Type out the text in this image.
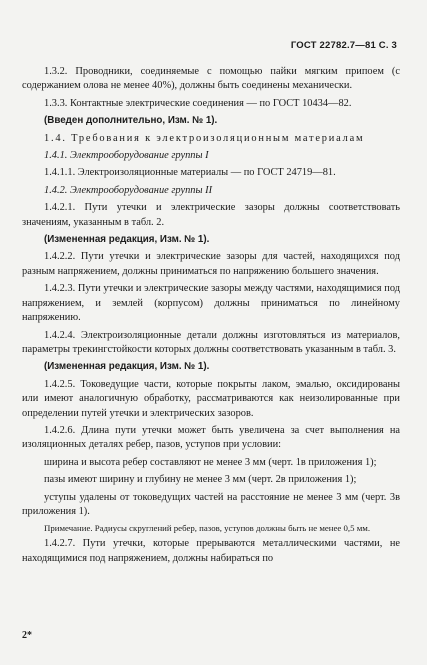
ГОСТ 22782.7—81 С. 3

1.3.2. Проводники, соединяемые с помощью пайки мягким припоем (с содержанием олова не менее 40%), должны быть соединены механически.

1.3.3. Контактные электрические соединения — по ГОСТ 10434—82.

(Введен дополнительно, Изм. № 1).

1.4. Требования к электроизоляционным материалам

1.4.1. Электрооборудование группы I

1.4.1.1. Электроизоляционные материалы — по ГОСТ 24719—81.

1.4.2. Электрооборудование группы II

1.4.2.1. Пути утечки и электрические зазоры должны соответствовать значениям, указанным в табл. 2.

(Измененная редакция, Изм. № 1).

1.4.2.2. Пути утечки и электрические зазоры для частей, находящихся под разным напряжением, должны приниматься по напряжению большего значения.

1.4.2.3. Пути утечки и электрические зазоры между частями, находящимися под напряжением, и землей (корпусом) должны приниматься по линейному напряжению.

1.4.2.4. Электроизоляционные детали должны изготовляться из материалов, параметры трекингстойкости которых должны соответствовать указанным в табл. 3.

(Измененная редакция, Изм. № 1).

1.4.2.5. Токоведущие части, которые покрыты лаком, эмалью, оксидированы или имеют аналогичную обработку, рассматриваются как неизолированные при определении путей утечки и электрических зазоров.

1.4.2.6. Длина пути утечки может быть увеличена за счет выполнения на изоляционных деталях ребер, пазов, уступов при условии:

ширина и высота ребер составляют не менее 3 мм (черт. 1в приложения 1);

пазы имеют ширину и глубину не менее 3 мм (черт. 2в приложения 1);

уступы удалены от токоведущих частей на расстояние не менее 3 мм (черт. 3в приложения 1).

Примечание. Радиусы скруглений ребер, пазов, уступов должны быть не менее 0,5 мм.

1.4.2.7. Пути утечки, которые прерываются металлическими частями, не находящимися под напряжением, должны набираться по

2*
